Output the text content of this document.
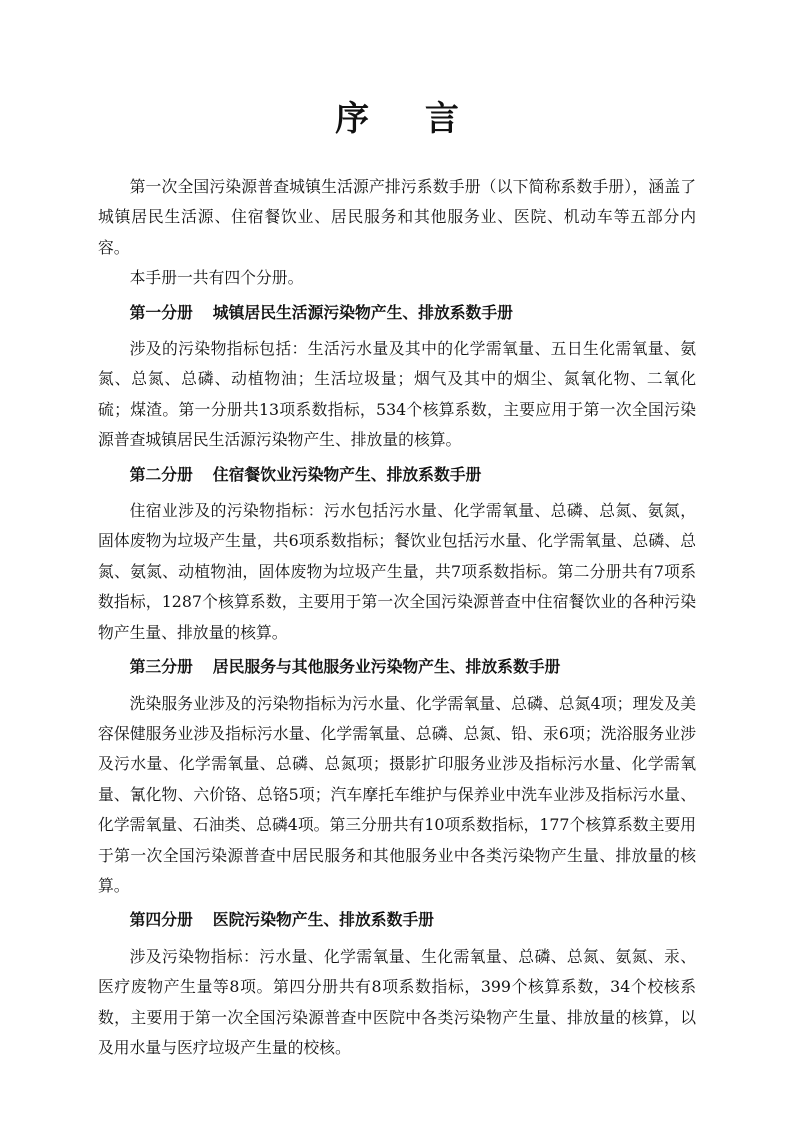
序 言

第一次全国污染源普查城镇生活源产排污系数手册（以下简称系数手册），涵盖了城镇居民生活源、住宿餐饮业、居民服务和其他服务业、医院、机动车等五部分内容。

本手册一共有四个分册。

第一分册 城镇居民生活源污染物产生、排放系数手册

涉及的污染物指标包括：生活污水量及其中的化学需氧量、五日生化需氧量、氨氮、总氮、总磷、动植物油；生活垃圾量；烟气及其中的烟尘、氮氧化物、二氧化硫；煤渣。第一分册共13项系数指标，534个核算系数，主要应用于第一次全国污染源普查城镇居民生活源污染物产生、排放量的核算。

第二分册 住宿餐饮业污染物产生、排放系数手册

住宿业涉及的污染物指标：污水包括污水量、化学需氧量、总磷、总氮、氨氮，固体废物为垃圾产生量，共6项系数指标；餐饮业包括污水量、化学需氧量、总磷、总氮、氨氮、动植物油，固体废物为垃圾产生量，共7项系数指标。第二分册共有7项系数指标，1287个核算系数，主要用于第一次全国污染源普查中住宿餐饮业的各种污染物产生量、排放量的核算。

第三分册 居民服务与其他服务业污染物产生、排放系数手册

洗染服务业涉及的污染物指标为污水量、化学需氧量、总磷、总氮4项；理发及美容保健服务业涉及指标污水量、化学需氧量、总磷、总氮、铅、汞6项；洗浴服务业涉及污水量、化学需氧量、总磷、总氮项；摄影扩印服务业涉及指标污水量、化学需氧量、氰化物、六价铬、总铬5项；汽车摩托车维护与保养业中洗车业涉及指标污水量、化学需氧量、石油类、总磷4项。第三分册共有10项系数指标，177个核算系数主要用于第一次全国污染源普查中居民服务和其他服务业中各类污染物产生量、排放量的核算。

第四分册 医院污染物产生、排放系数手册

涉及污染物指标：污水量、化学需氧量、生化需氧量、总磷、总氮、氨氮、汞、医疗废物产生量等8项。第四分册共有8项系数指标，399个核算系数，34个校核系数，主要用于第一次全国污染源普查中医院中各类污染物产生量、排放量的核算，以及用水量与医疗垃圾产生量的校核。
